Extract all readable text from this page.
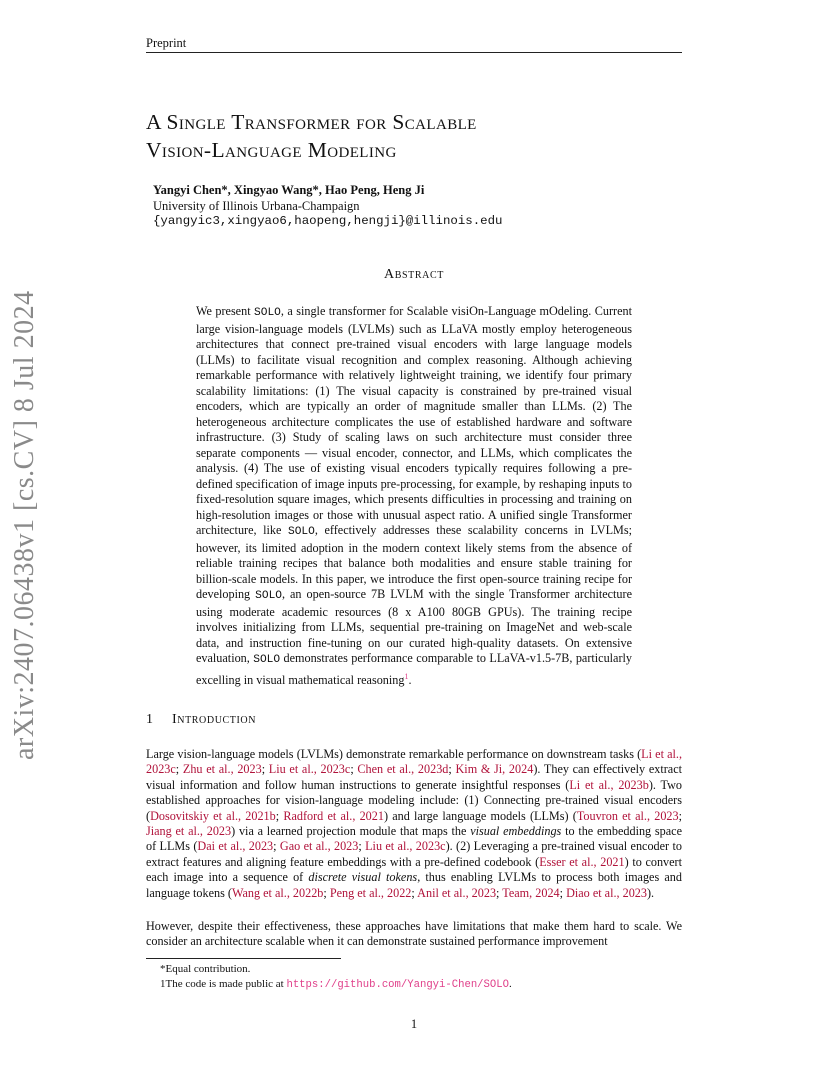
Preprint
arXiv:2407.06438v1 [cs.CV] 8 Jul 2024
A Single Transformer for Scalable
Vision-Language Modeling
Yangyi Chen*, Xingyao Wang*, Hao Peng, Heng Ji
University of Illinois Urbana-Champaign
{yangyic3,xingyao6,haopeng,hengji}@illinois.edu
Abstract
We present SOLO, a single transformer for Scalable visiOn-Language mOdeling. Current large vision-language models (LVLMs) such as LLaVA mostly employ heterogeneous architectures that connect pre-trained visual encoders with large language models (LLMs) to facilitate visual recognition and complex reasoning. Although achieving remarkable performance with relatively lightweight training, we identify four primary scalability limitations: (1) The visual capacity is constrained by pre-trained visual encoders, which are typically an order of magnitude smaller than LLMs. (2) The heterogeneous architecture complicates the use of established hardware and software infrastructure. (3) Study of scaling laws on such architecture must consider three separate components — visual encoder, connector, and LLMs, which complicates the analysis. (4) The use of existing visual encoders typically requires following a pre-defined specification of image inputs pre-processing, for example, by reshaping inputs to fixed-resolution square images, which presents difficulties in processing and training on high-resolution images or those with unusual aspect ratio. A unified single Transformer architecture, like SOLO, effectively addresses these scalability concerns in LVLMs; however, its limited adoption in the modern context likely stems from the absence of reliable training recipes that balance both modalities and ensure stable training for billion-scale models. In this paper, we introduce the first open-source training recipe for developing SOLO, an open-source 7B LVLM with the single Transformer architecture using moderate academic resources (8 x A100 80GB GPUs). The training recipe involves initializing from LLMs, sequential pre-training on ImageNet and web-scale data, and instruction fine-tuning on our curated high-quality datasets. On extensive evaluation, SOLO demonstrates performance comparable to LLaVA-v1.5-7B, particularly excelling in visual mathematical reasoning$^1$.
1 Introduction
Large vision-language models (LVLMs) demonstrate remarkable performance on downstream tasks (Li et al., 2023c; Zhu et al., 2023; Liu et al., 2023c; Chen et al., 2023d; Kim & Ji, 2024). They can effectively extract visual information and follow human instructions to generate insightful responses (Li et al., 2023b). Two established approaches for vision-language modeling include: (1) Connecting pre-trained visual encoders (Dosovitskiy et al., 2021b; Radford et al., 2021) and large language models (LLMs) (Touvron et al., 2023; Jiang et al., 2023) via a learned projection module that maps the visual embeddings to the embedding space of LLMs (Dai et al., 2023; Gao et al., 2023; Liu et al., 2023c). (2) Leveraging a pre-trained visual encoder to extract features and aligning feature embeddings with a pre-defined codebook (Esser et al., 2021) to convert each image into a sequence of discrete visual tokens, thus enabling LVLMs to process both images and language tokens (Wang et al., 2022b; Peng et al., 2022; Anil et al., 2023; Team, 2024; Diao et al., 2023).
However, despite their effectiveness, these approaches have limitations that make them hard to scale. We consider an architecture scalable when it can demonstrate sustained performance improvement
*Equal contribution.
1The code is made public at https://github.com/Yangyi-Chen/SOLO.
1
